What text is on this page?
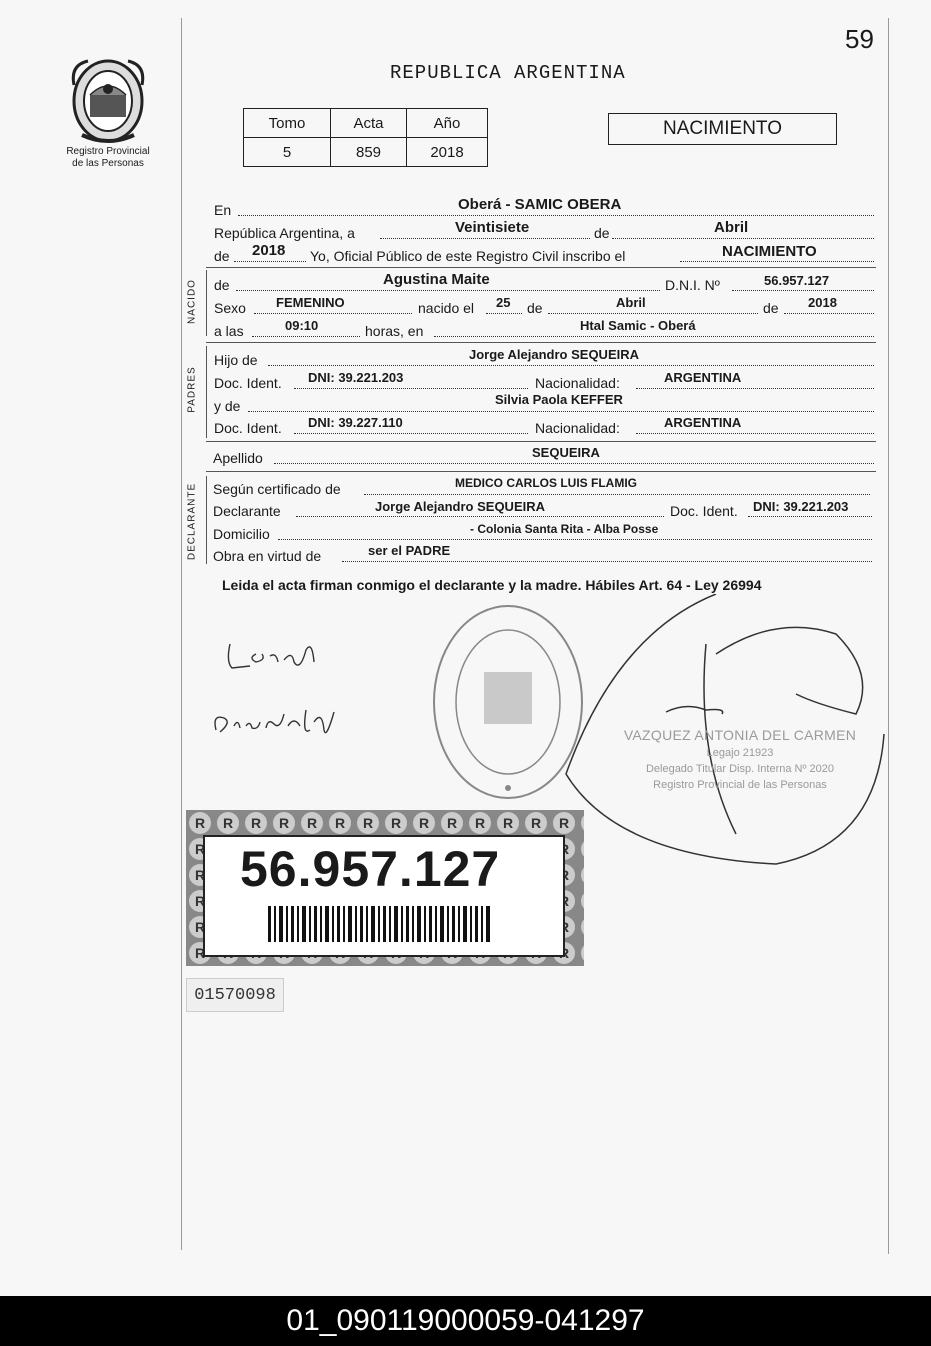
59
Registro Provincial
de las Personas
REPUBLICA ARGENTINA
Tomo	Acta	Año
5	859	2018
NACIMIENTO
En	Oberá - SAMIC OBERA
República Argentina, a	Veintisiete	de	Abril
de 2018 Yo, Oficial Público de este Registro Civil inscribo el	NACIMIENTO
NACIDO de	Agustina Maite	D.N.I. Nº	56.957.127
Sexo FEMENINO	nacido el 25 de	Abril	de 2018
a las	09:10	horas, en	Htal Samic - Oberá
PADRES
Hijo de	Jorge Alejandro SEQUEIRA
Doc. Ident. DNI: 39.221.203	Nacionalidad:	ARGENTINA
y de	Silvia Paola KEFFER
Doc. Ident. DNI: 39.227.110	Nacionalidad:	ARGENTINA
Apellido	SEQUEIRA
DECLARANTE Según certificado de	MEDICO CARLOS LUIS FLAMIG
Declarante	Jorge Alejandro SEQUEIRA	Doc. Ident. DNI: 39.221.203
Domicilio	- Colonia Santa Rita - Alba Posse
Obra en virtud de	ser el PADRE
Leida el acta firman conmigo el declarante y la madre. Hábiles Art. 64 - Ley 26994
VAZQUEZ ANTONIA DEL CARMEN
Legajo 21923
Delegado Titular Disp. Interna Nº 2020
Registro Provincial de las Personas
56.957.127
01570098
01_090119000059-041297
